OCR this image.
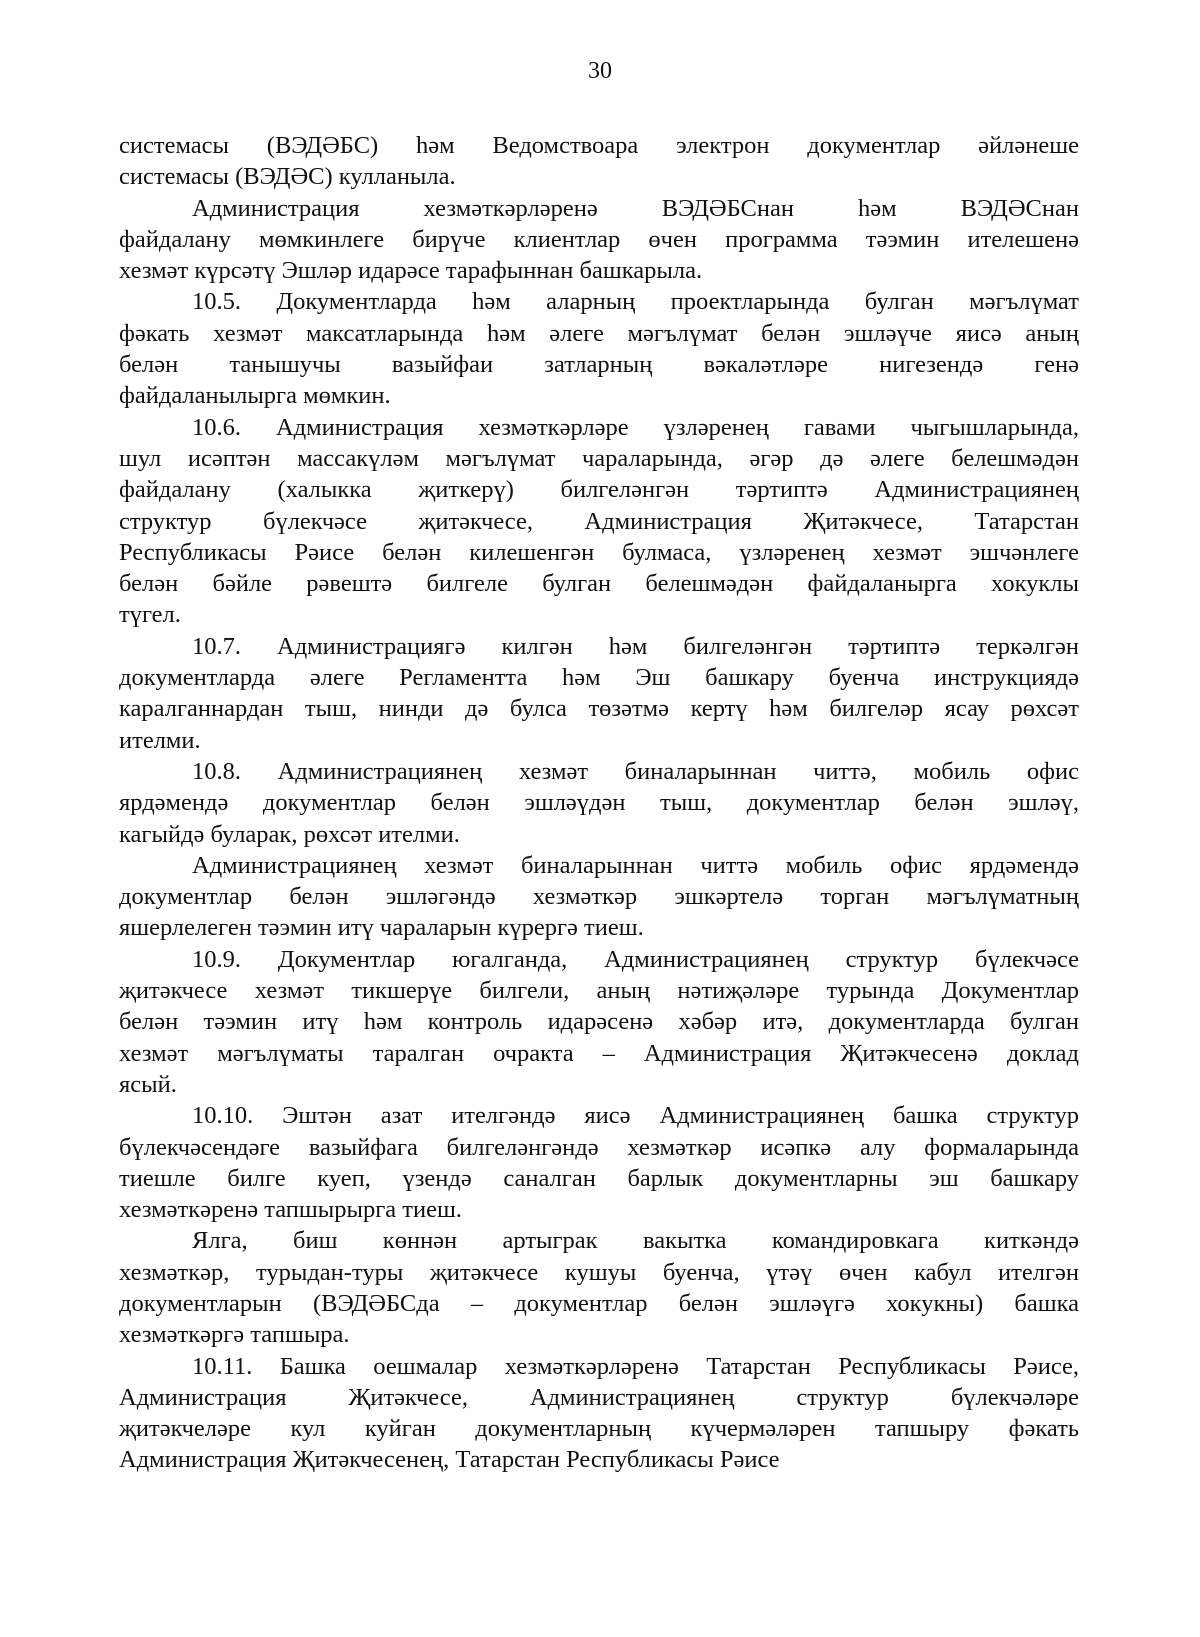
30
системасы (ВЭДӘБС) һәм Ведомствоара электрон документлар әйләнеше
системасы (ВЭДӘС) кулланыла.
Администрация хезмәткәрләренә ВЭДӘБСнан һәм ВЭДӘСнан
файдалану мөмкинлеге бирүче клиентлар өчен программа тәэмин ителешенә
хезмәт күрсәтү Эшләр идарәсе тарафыннан башкарыла.
10.5. Документларда һәм аларның проектларында булган мәгълүмат
фәкать хезмәт максатларында һәм әлеге мәгълүмат белән эшләүче яисә аның
белән танышучы вазыйфаи затларның вәкаләтләре нигезендә генә
файдаланылырга мөмкин.
10.6. Администрация хезмәткәрләре үзләренең гавами чыгышларында,
шул исәптән массакүләм мәгълүмат чараларында, әгәр дә әлеге белешмәдән
файдалану (халыкка җиткерү) билгеләнгән тәртиптә Администрациянең
структур бүлекчәсе җитәкчесе, Администрация Җитәкчесе, Татарстан
Республикасы Рәисе белән килешенгән булмаса, үзләренең хезмәт эшчәнлеге
белән бәйле рәвештә билгеле булган белешмәдән файдаланырга хокуклы
түгел.
10.7. Администрациягә килгән һәм билгеләнгән тәртиптә теркәлгән
документларда әлеге Регламентта һәм Эш башкару буенча инструкциядә
каралганнардан тыш, нинди дә булса төзәтмә кертү һәм билгеләр ясау рөхсәт
ителми.
10.8. Администрациянең хезмәт биналарыннан читтә, мобиль офис
ярдәмендә документлар белән эшләүдән тыш, документлар белән эшләү,
кагыйдә буларак, рөхсәт ителми.
Администрациянең хезмәт биналарыннан читтә мобиль офис ярдәмендә
документлар белән эшләгәндә хезмәткәр эшкәртелә торган мәгълүматның
яшерлелеген тәэмин итү чараларын күрергә тиеш.
10.9. Документлар югалганда, Администрациянең структур бүлекчәсе
җитәкчесе хезмәт тикшерүе билгели, аның нәтиҗәләре турында Документлар
белән тәэмин итү һәм контроль идарәсенә хәбәр итә, документларда булган
хезмәт мәгълүматы таралган очракта – Администрация Җитәкчесенә доклад
ясый.
10.10. Эштән азат ителгәндә яисә Администрациянең башка структур
бүлекчәсендәге вазыйфага билгеләнгәндә хезмәткәр исәпкә алу формаларында
тиешле билге куеп, үзендә саналган барлык документларны эш башкару
хезмәткәренә тапшырырга тиеш.
Ялга, биш көннән артыграк вакытка командировкага киткәндә
хезмәткәр, турыдан-туры җитәкчесе кушуы буенча, үтәү өчен кабул ителгән
документларын (ВЭДӘБСда – документлар белән эшләүгә хокукны) башка
хезмәткәргә тапшыра.
10.11. Башка оешмалар хезмәткәрләренә Татарстан Республикасы Рәисе,
Администрация Җитәкчесе, Администрациянең структур бүлекчәләре
җитәкчеләре кул куйган документларның күчермәләрен тапшыру фәкать
Администрация Җитәкчесенең, Татарстан Республикасы Рәисе
